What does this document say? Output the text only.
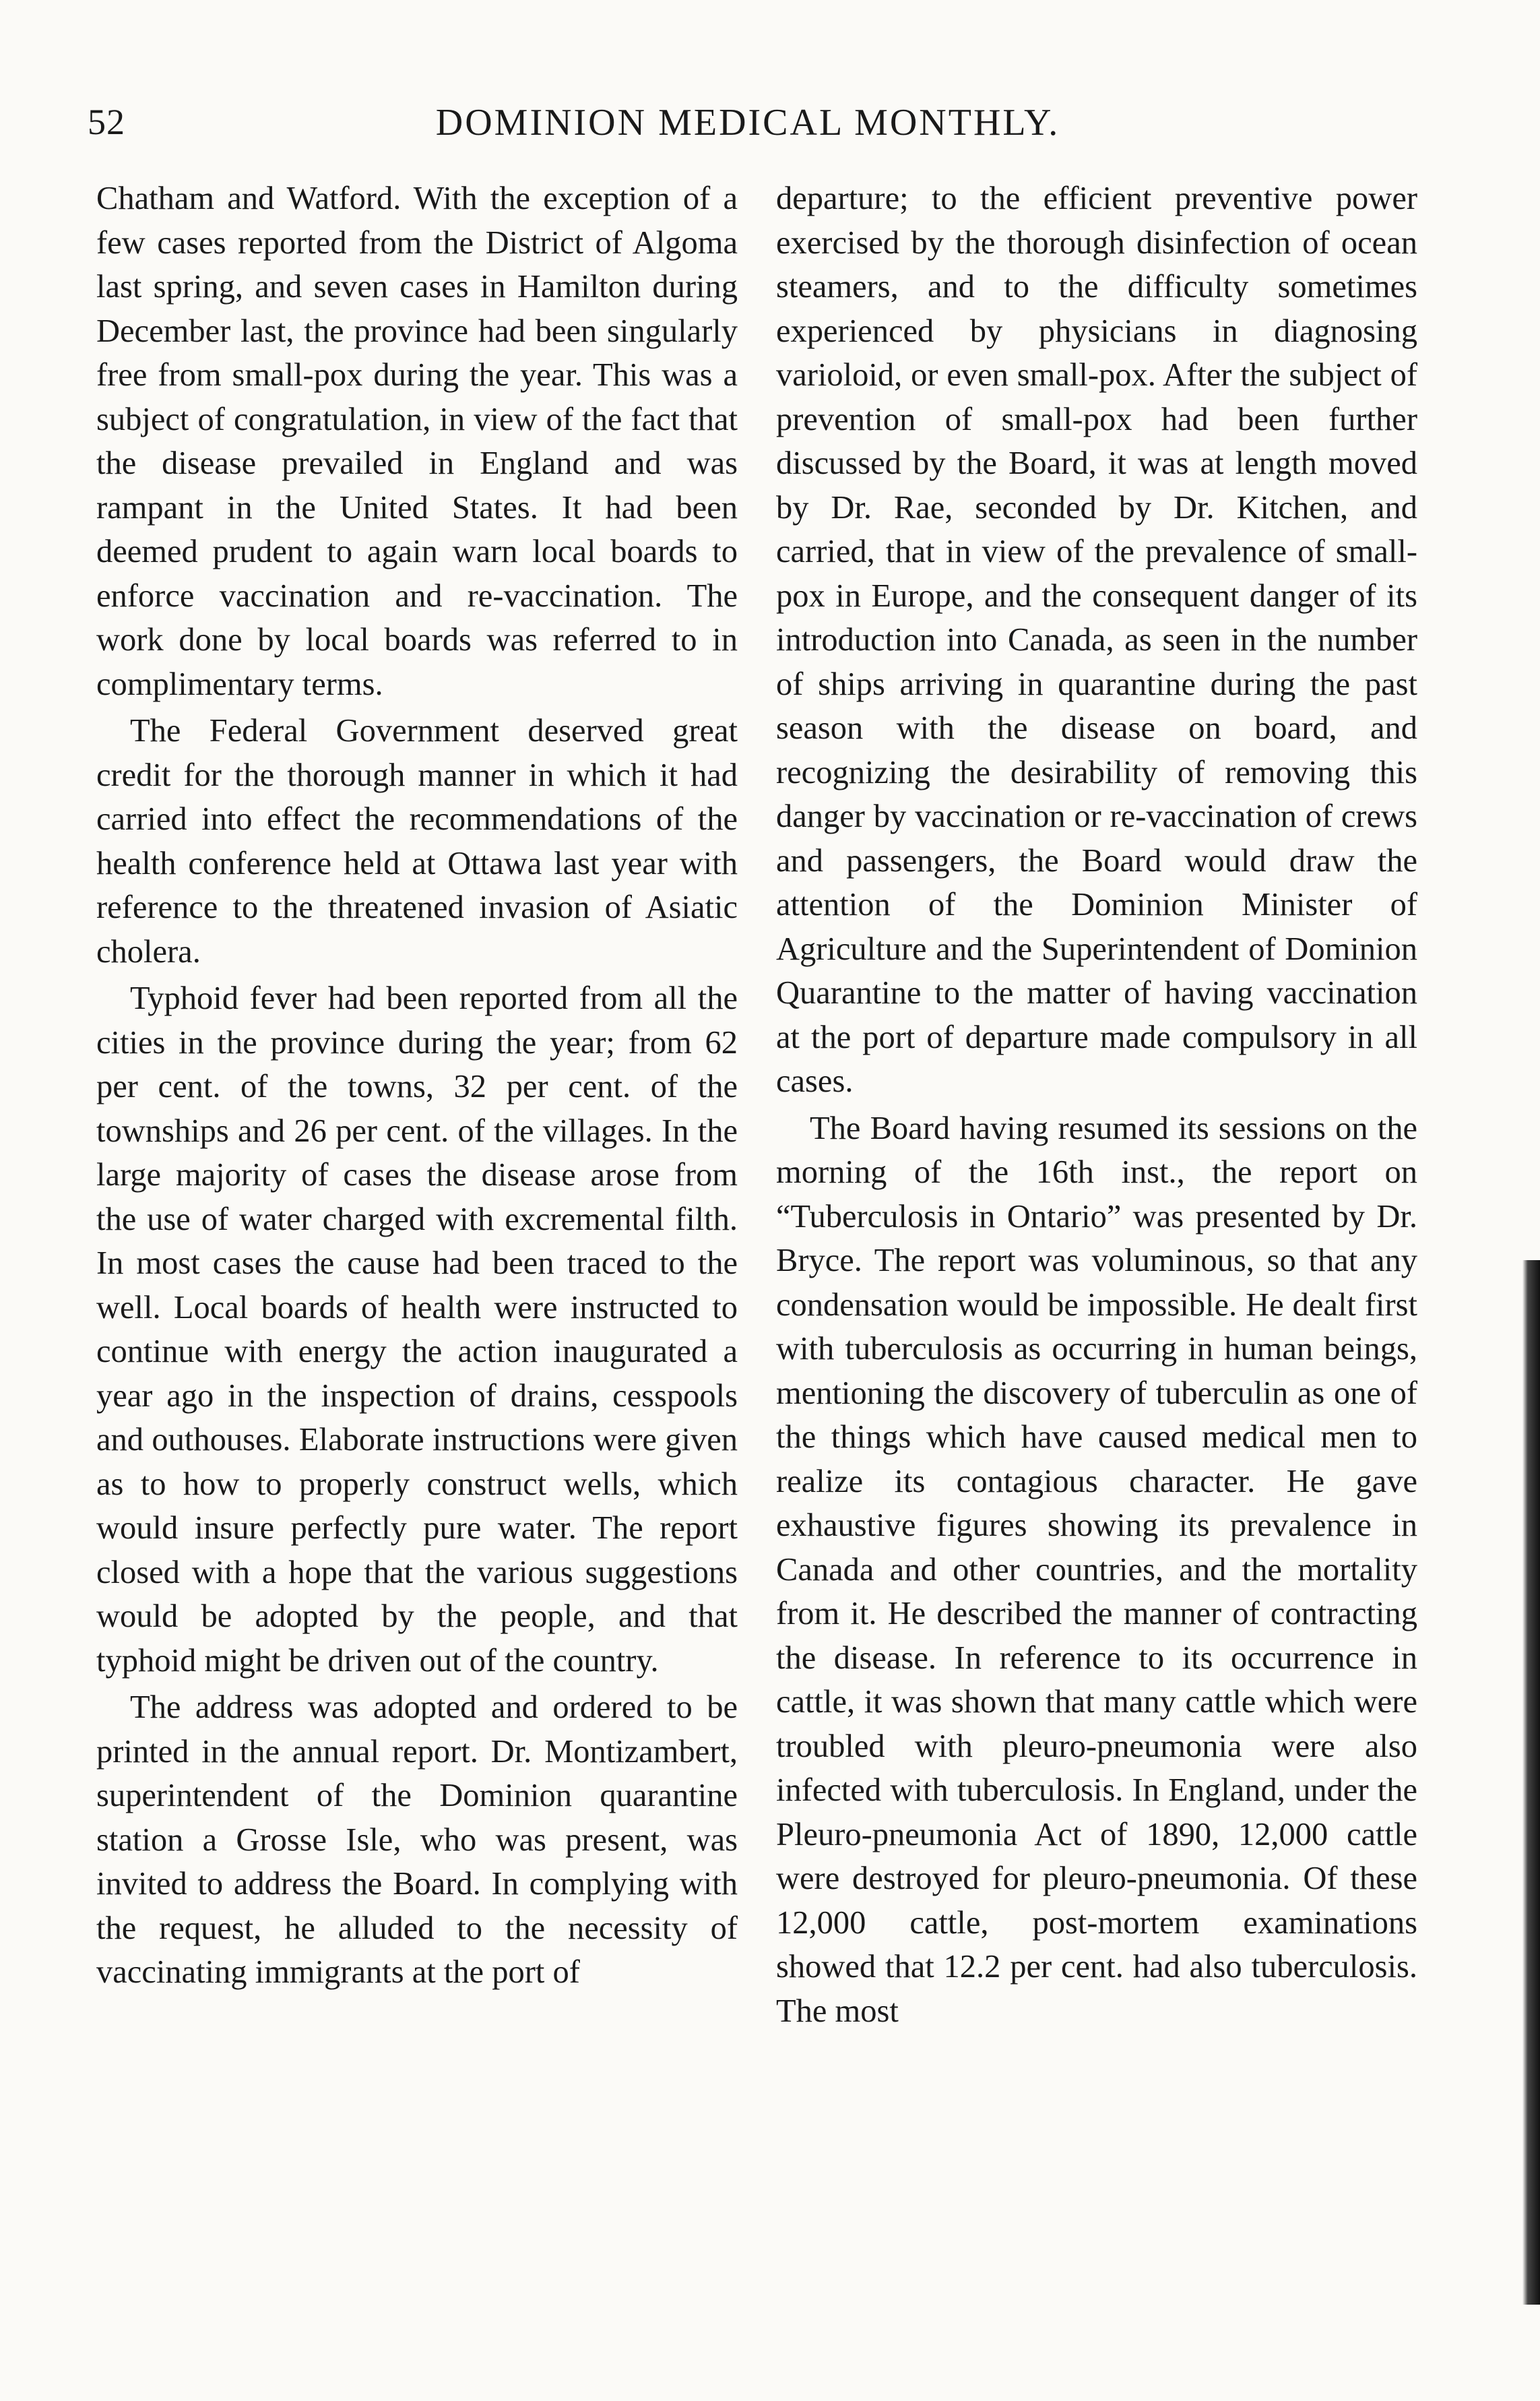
52	DOMINION MEDICAL MONTHLY.

Chatham and Watford. With the exception of a few cases reported from the District of Algoma last spring, and seven cases in Hamilton during December last, the province had been singularly free from small-pox during the year. This was a subject of congratulation, in view of the fact that the disease prevailed in England and was rampant in the United States. It had been deemed prudent to again warn local boards to enforce vaccination and re-vaccination. The work done by local boards was referred to in complimentary terms.

The Federal Government deserved great credit for the thorough manner in which it had carried into effect the recommendations of the health conference held at Ottawa last year with reference to the threatened invasion of Asiatic cholera.

Typhoid fever had been reported from all the cities in the province during the year; from 62 per cent. of the towns, 32 per cent. of the townships and 26 per cent. of the villages. In the large majority of cases the disease arose from the use of water charged with excremental filth. In most cases the cause had been traced to the well. Local boards of health were instructed to continue with energy the action inaugurated a year ago in the inspection of drains, cesspools and outhouses. Elaborate instructions were given as to how to properly construct wells, which would insure perfectly pure water. The report closed with a hope that the various suggestions would be adopted by the people, and that typhoid might be driven out of the country.

The address was adopted and ordered to be printed in the annual report. Dr. Montizambert, superintendent of the Dominion quarantine station a Grosse Isle, who was present, was invited to address the Board. In complying with the request, he alluded to the necessity of vaccinating immigrants at the port of

departure; to the efficient preventive power exercised by the thorough disinfection of ocean steamers, and to the difficulty sometimes experienced by physicians in diagnosing varioloid, or even small-pox. After the subject of prevention of small-pox had been further discussed by the Board, it was at length moved by Dr. Rae, seconded by Dr. Kitchen, and carried, that in view of the prevalence of small-pox in Europe, and the consequent danger of its introduction into Canada, as seen in the number of ships arriving in quarantine during the past season with the disease on board, and recognizing the desirability of removing this danger by vaccination or re-vaccination of crews and passengers, the Board would draw the attention of the Dominion Minister of Agriculture and the Superintendent of Dominion Quarantine to the matter of having vaccination at the port of departure made compulsory in all cases.

The Board having resumed its sessions on the morning of the 16th inst., the report on “Tuberculosis in Ontario” was presented by Dr. Bryce. The report was voluminous, so that any condensation would be impossible. He dealt first with tuberculosis as occurring in human beings, mentioning the discovery of tuberculin as one of the things which have caused medical men to realize its contagious character. He gave exhaustive figures showing its prevalence in Canada and other countries, and the mortality from it. He described the manner of contracting the disease. In reference to its occurrence in cattle, it was shown that many cattle which were troubled with pleuro-pneumonia were also infected with tuberculosis. In England, under the Pleuro-pneumonia Act of 1890, 12,000 cattle were destroyed for pleuro-pneumonia. Of these 12,000 cattle, post-mortem examinations showed that 12.2 per cent. had also tuberculosis. The most
